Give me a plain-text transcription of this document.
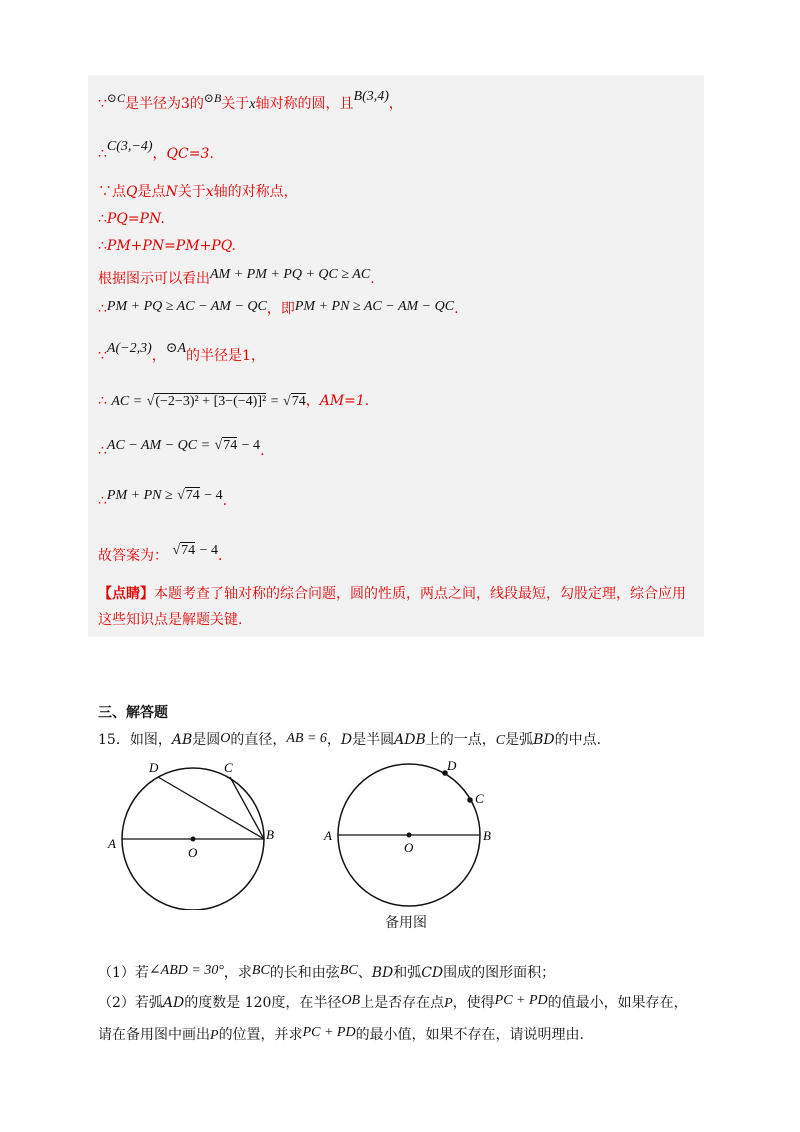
∵⊙C是半径为3的⊙B关于x轴对称的圆，且B(3,4)，
∴C(3,−4)，QC=3.
∵点Q是点N关于x轴的对称点，
∴PQ=PN.
∴PM+PN=PM+PQ.
根据图示可以看出AM + PM + PQ + QC ≥ AC.
∴PM + PQ ≥ AC − AM − QC，即PM + PN ≥ AC − AM − QC.
∵A(−2,3)，⊙A的半径是1，
∴ AC = √(−2−3)² + [3−(−4)]² = √74，AM=1.
∴AC − AM − QC = √74 − 4.
∴PM + PN ≥ √74 − 4.
故答案为： √74 − 4.
【点睛】本题考查了轴对称的综合问题，圆的性质，两点之间，线段最短，勾股定理，综合应用
这些知识点是解题关键.
三、解答题
15．如图，AB是圆O的直径，AB = 6，D是半圆ADB上的一点，C是弧BD的中点.
A
B
C
D
O
A	B
C
D
O
备用图
（1）若∠ABD = 30°，求BC的长和由弦BC、BD和弧CD围成的图形面积；
（2）若弧AD的度数是 120度，在半径OB上是否存在点P，使得PC + PD的值最小，如果存在，
请在备用图中画出P的位置，并求PC + PD的最小值，如果不存在，请说明理由.
